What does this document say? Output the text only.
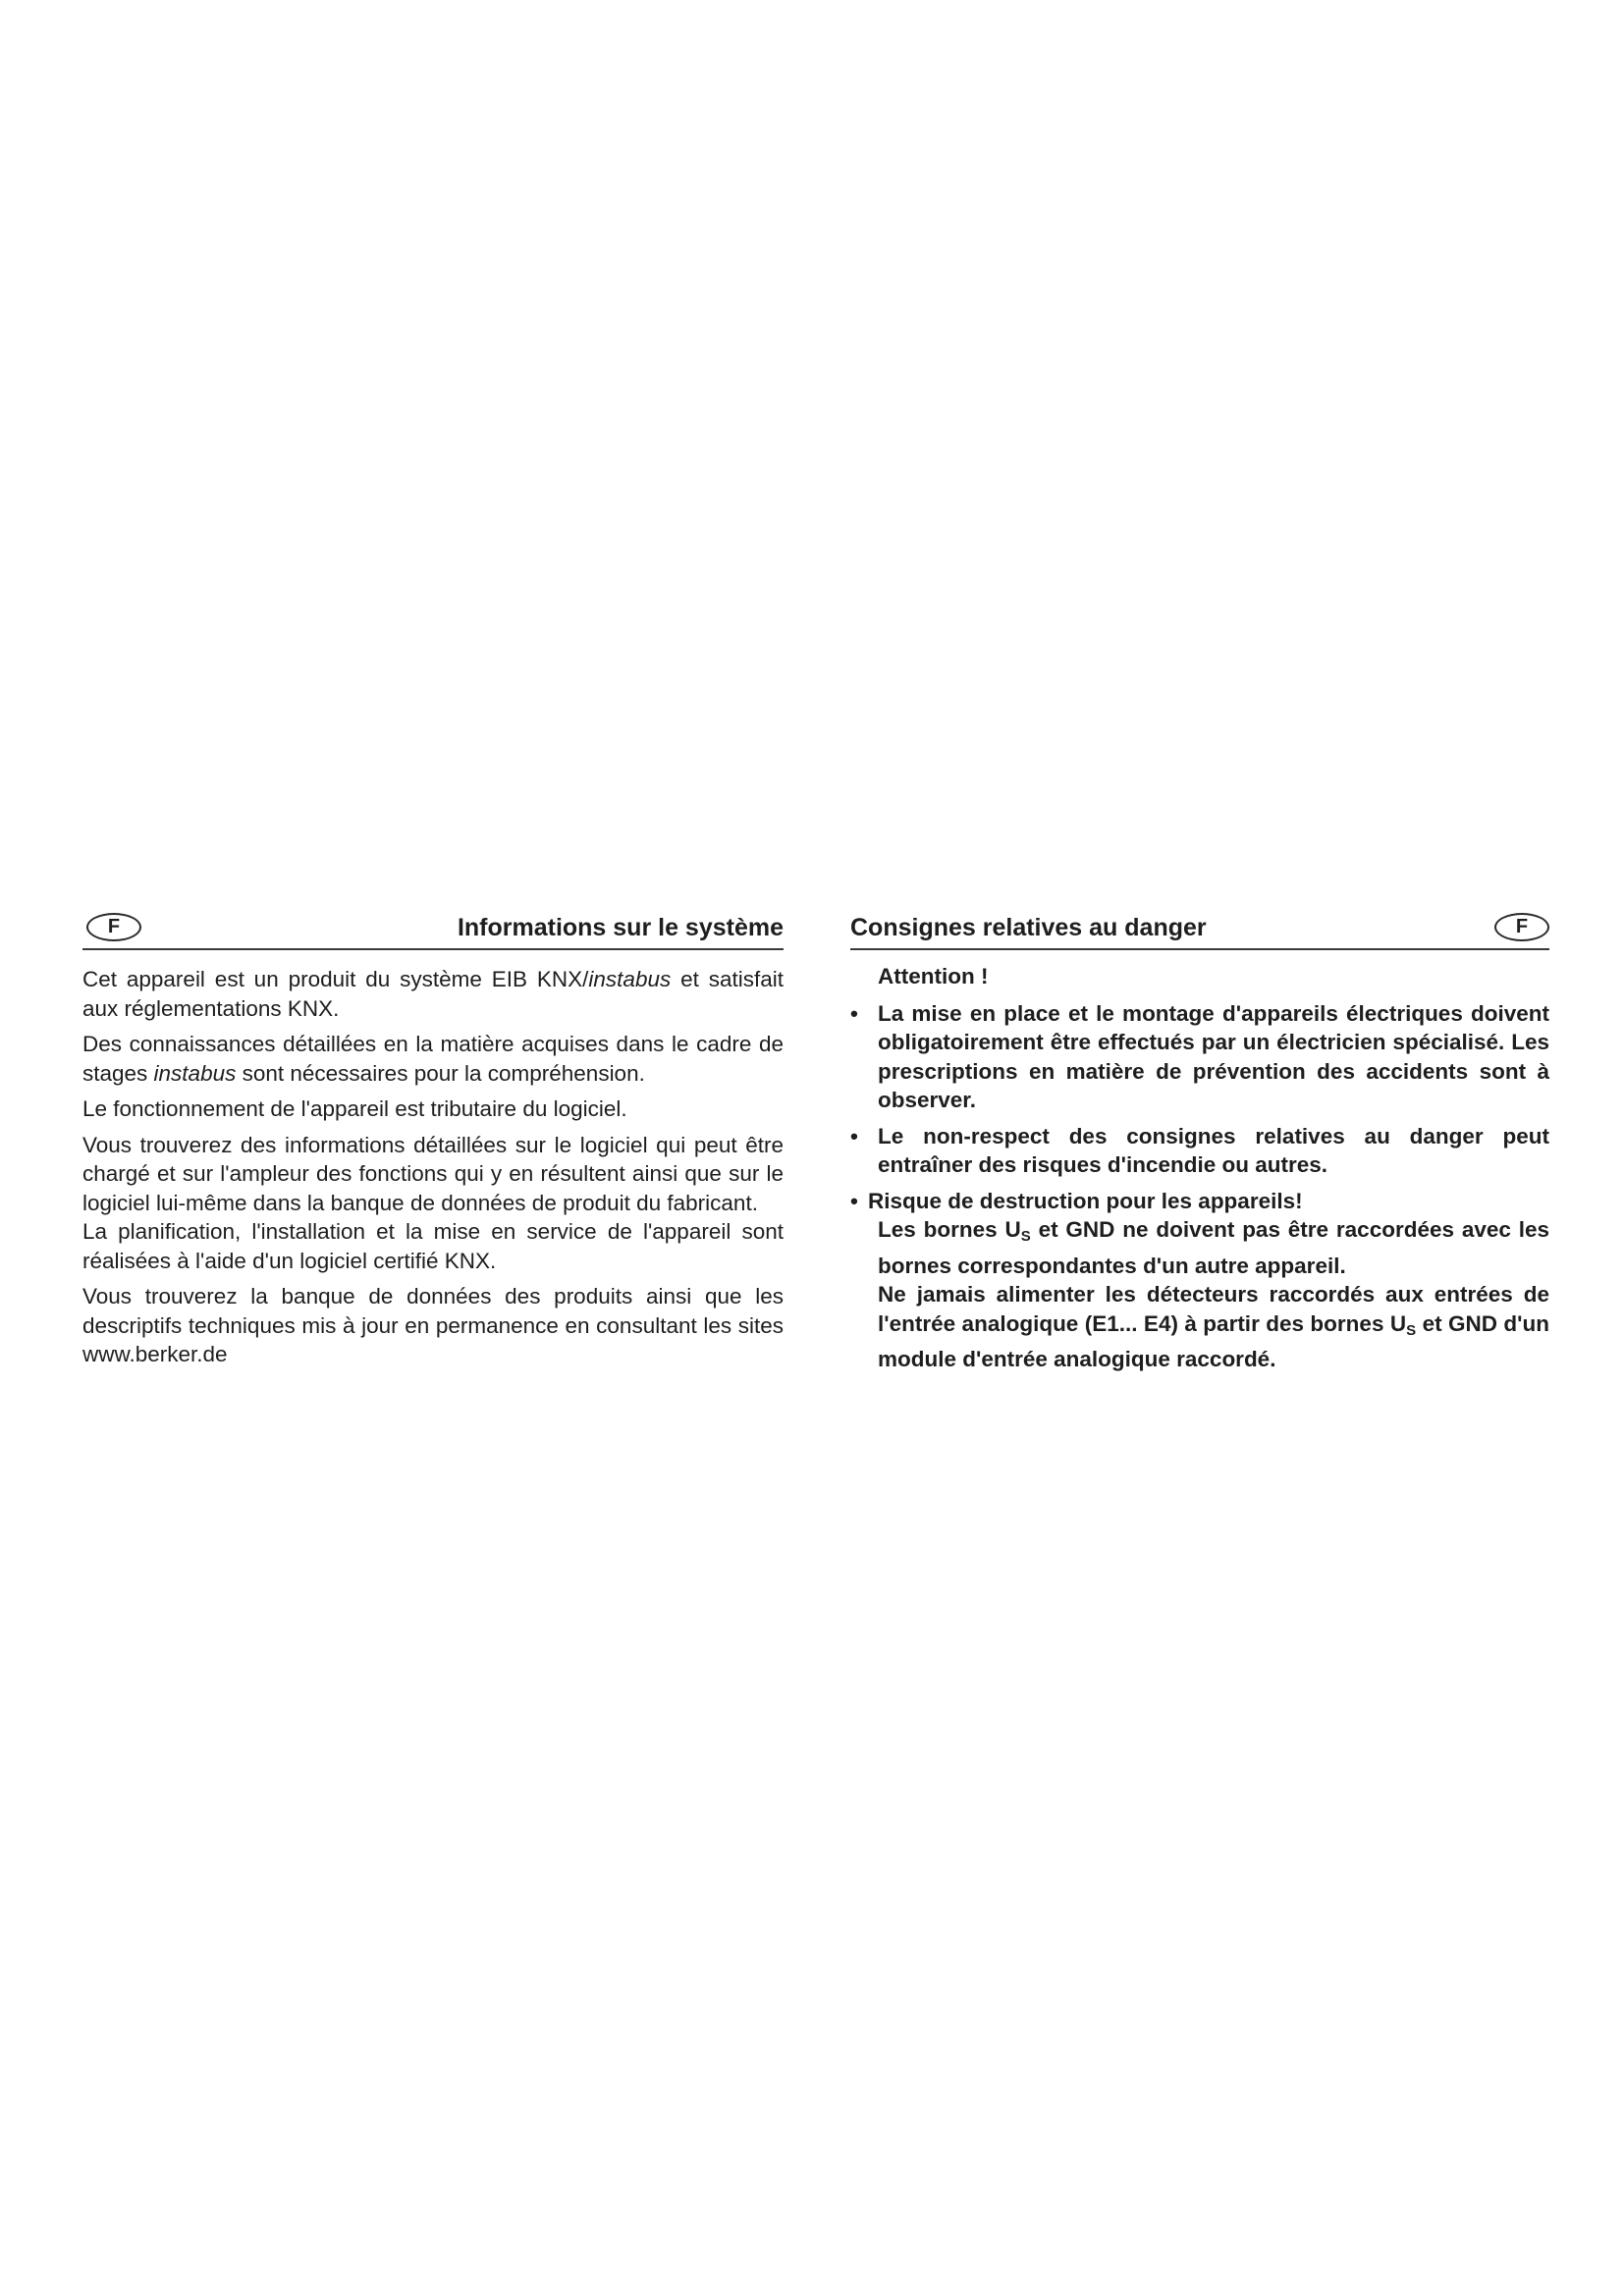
F	Informations sur le système

Cet appareil est un produit du système EIB KNX/instabus et satisfait aux réglementations KNX.

Des connaissances détaillées en la matière acquises dans le cadre de stages instabus sont nécessaires pour la compréhension.

Le fonctionnement de l'appareil est tributaire du logiciel.

Vous trouverez des informations détaillées sur le logiciel qui peut être chargé et sur l'ampleur des fonctions qui y en résultent ainsi que sur le logiciel lui-même dans la banque de données de produit du fabricant.

La planification, l'installation et la mise en service de l'appareil sont réalisées à l'aide d'un logiciel certifié KNX.

Vous trouverez la banque de données des produits ainsi que les descriptifs techniques mis à jour en permanence en consultant les sites www.berker.de

Consignes relatives au danger	F

Attention !

• La mise en place et le montage d'appareils électriques doivent obligatoirement être effectués par un électricien spécialisé. Les prescriptions en matière de prévention des accidents sont à observer.
• Le non-respect des consignes relatives au danger peut entraîner des risques d'incendie ou autres.
• Risque de destruction pour les appareils!
Les bornes $U_S$ et GND ne doivent pas être raccordées avec les bornes correspondantes d'un autre appareil.
Ne jamais alimenter les détecteurs raccordés aux entrées de l'entrée analogique (E1... E4) à partir des bornes $U_S$ et GND d'un module d'entrée analogique raccordé.
